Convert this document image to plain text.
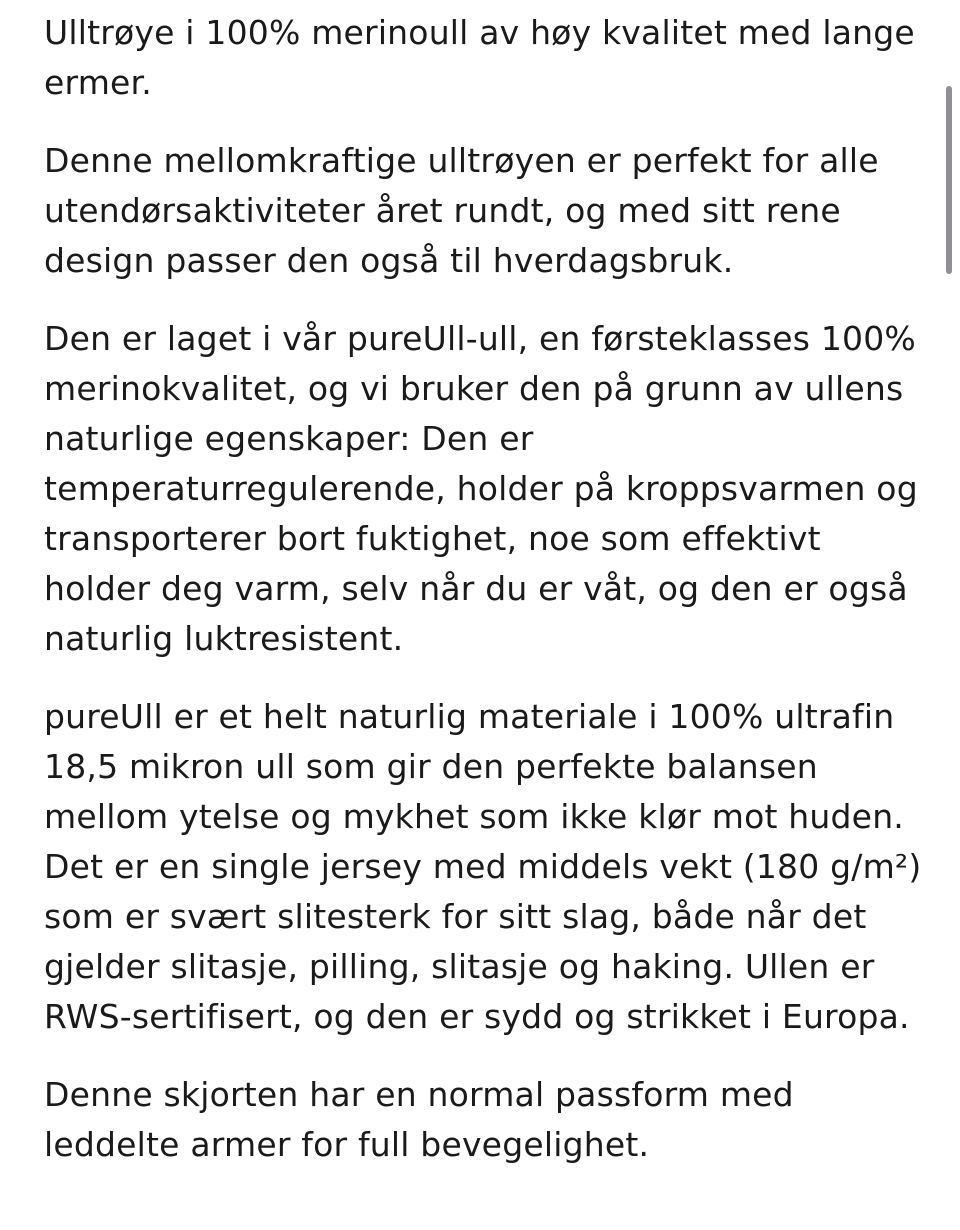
Ulltrøye i 100% merinoull av høy kvalitet med lange
ermer.

Denne mellomkraftige ulltrøyen er perfekt for alle
utendørsaktiviteter året rundt, og med sitt rene
design passer den også til hverdagsbruk.

Den er laget i vår pureUll-ull, en førsteklasses 100%
merinokvalitet, og vi bruker den på grunn av ullens
naturlige egenskaper: Den er
temperaturregulerende, holder på kroppsvarmen og
transporterer bort fuktighet, noe som effektivt
holder deg varm, selv når du er våt, og den er også
naturlig luktresistent.

pureUll er et helt naturlig materiale i 100% ultrafin
18,5 mikron ull som gir den perfekte balansen
mellom ytelse og mykhet som ikke klør mot huden.
Det er en single jersey med middels vekt (180 g/m²)
som er svært slitesterk for sitt slag, både når det
gjelder slitasje, pilling, slitasje og haking. Ullen er
RWS-sertifisert, og den er sydd og strikket i Europa.

Denne skjorten har en normal passform med
leddelte armer for full bevegelighet.
